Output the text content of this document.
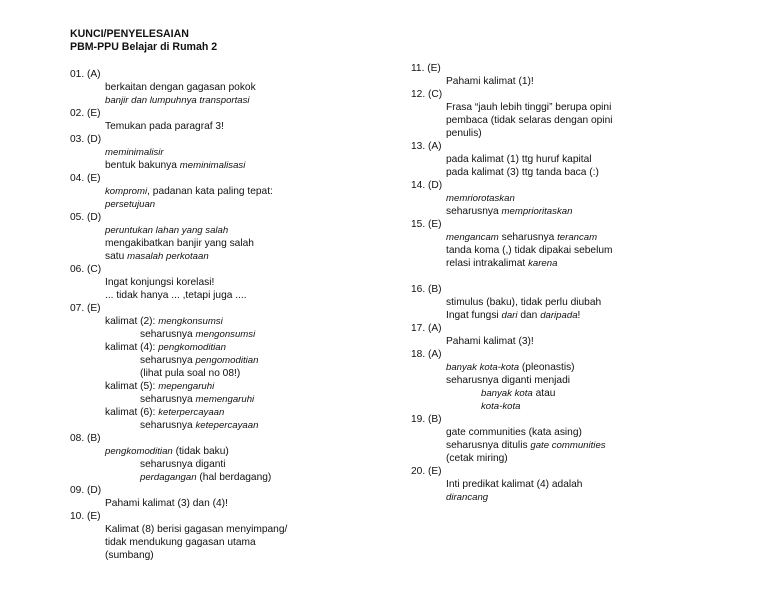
KUNCI/PENYELESAIAN
PBM-PPU Belajar di Rumah 2
01. (A)
berkaitan dengan gagasan pokok
banjir dan lumpuhnya transportasi
02. (E)
Temukan pada paragraf 3!
03. (D)
meminimalisir
bentuk bakunya meminimalisasi
04. (E)
kompromi, padanan kata paling tepat:
persetujuan
05. (D)
peruntukan lahan yang salah
mengakibatkan banjir yang salah
satu masalah perkotaan
06. (C)
Ingat konjungsi korelasi!
... tidak hanya ... ,tetapi juga ....
07. (E)
kalimat (2): mengkonsumsi
seharusnya mengonsumsi
kalimat (4): pengkomoditian
seharusnya pengomoditian
(lihat pula soal no 08!)
kalimat (5): mepengaruhi
seharusnya memengaruhi
kalimat (6): keterpercayaan
seharusnya ketepercayaan
08. (B)
pengkomoditian (tidak baku)
seharusnya diganti
perdagangan (hal berdagang)
09. (D)
Pahami kalimat (3) dan (4)!
10. (E)
Kalimat (8) berisi gagasan menyimpang/
tidak mendukung gagasan utama
(sumbang)
11. (E)
Pahami kalimat (1)!
12. (C)
Frasa “jauh lebih tinggi” berupa opini
pembaca (tidak selaras dengan opini
penulis)
13. (A)
pada kalimat (1) ttg huruf kapital
pada kalimat (3) ttg tanda baca (:)
14. (D)
memriorotaskan
seharusnya memprioritaskan
15. (E)
mengancam seharusnya terancam
tanda koma (,) tidak dipakai sebelum
relasi intrakalimat karena
16. (B)
stimulus (baku), tidak perlu diubah
Ingat fungsi dari dan daripada!
17. (A)
Pahami kalimat (3)!
18. (A)
banyak kota-kota (pleonastis)
seharusnya diganti menjadi
banyak kota atau
kota-kota
19. (B)
gate communities (kata asing)
seharusnya ditulis gate communities
(cetak miring)
20. (E)
Inti predikat kalimat (4) adalah
dirancang
